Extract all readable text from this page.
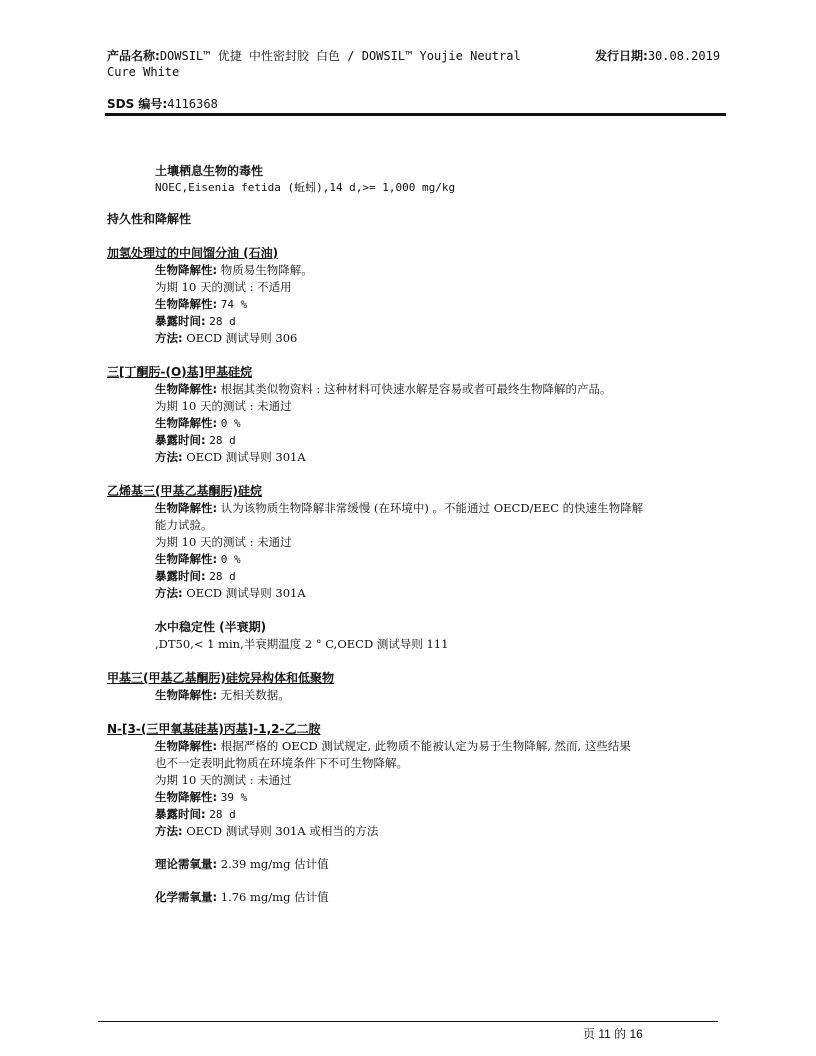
产品名称:DOWSIL™ 优捷 中性密封胶 白色 / DOWSIL™ Youjie Neutral
Cure White
发行日期:30.08.2019
SDS 编号:4116368
土壤栖息生物的毒性
NOEC,Eisenia fetida (蚯蚓),14 d,>= 1,000 mg/kg
持久性和降解性
加氢处理过的中间馏分油 (石油)
生物降解性: 物质易生物降解。
为期 10 天的测试 : 不适用
生物降解性: 74 %
暴露时间: 28 d
方法: OECD 测试导则 306
三[丁酮肟-(O)基]甲基硅烷
生物降解性: 根据其类似物资料 : 这种材料可快速水解是容易或者可最终生物降解的产品。
为期 10 天的测试 : 未通过
生物降解性: 0 %
暴露时间: 28 d
方法: OECD 测试导则 301A
乙烯基三(甲基乙基酮肟)硅烷
生物降解性: 认为该物质生物降解非常缓慢 (在环境中) 。不能通过 OECD/EEC 的快速生物降解
能力试验。
为期 10 天的测试 : 未通过
生物降解性: 0 %
暴露时间: 28 d
方法: OECD 测试导则 301A
水中稳定性 (半衰期)
,DT50,< 1 min,半衰期温度 2 ° C,OECD 测试导则 111
甲基三(甲基乙基酮肟)硅烷异构体和低聚物
生物降解性: 无相关数据。
N-[3-(三甲氧基硅基)丙基]-1,2-乙二胺
生物降解性: 根据严格的 OECD 测试规定, 此物质不能被认定为易于生物降解, 然而, 这些结果
也不一定表明此物质在环境条件下不可生物降解。
为期 10 天的测试 : 未通过
生物降解性: 39 %
暴露时间: 28 d
方法: OECD 测试导则 301A 或相当的方法
理论需氧量: 2.39 mg/mg 估计值
化学需氧量: 1.76 mg/mg 估计值
页 11 的 16
